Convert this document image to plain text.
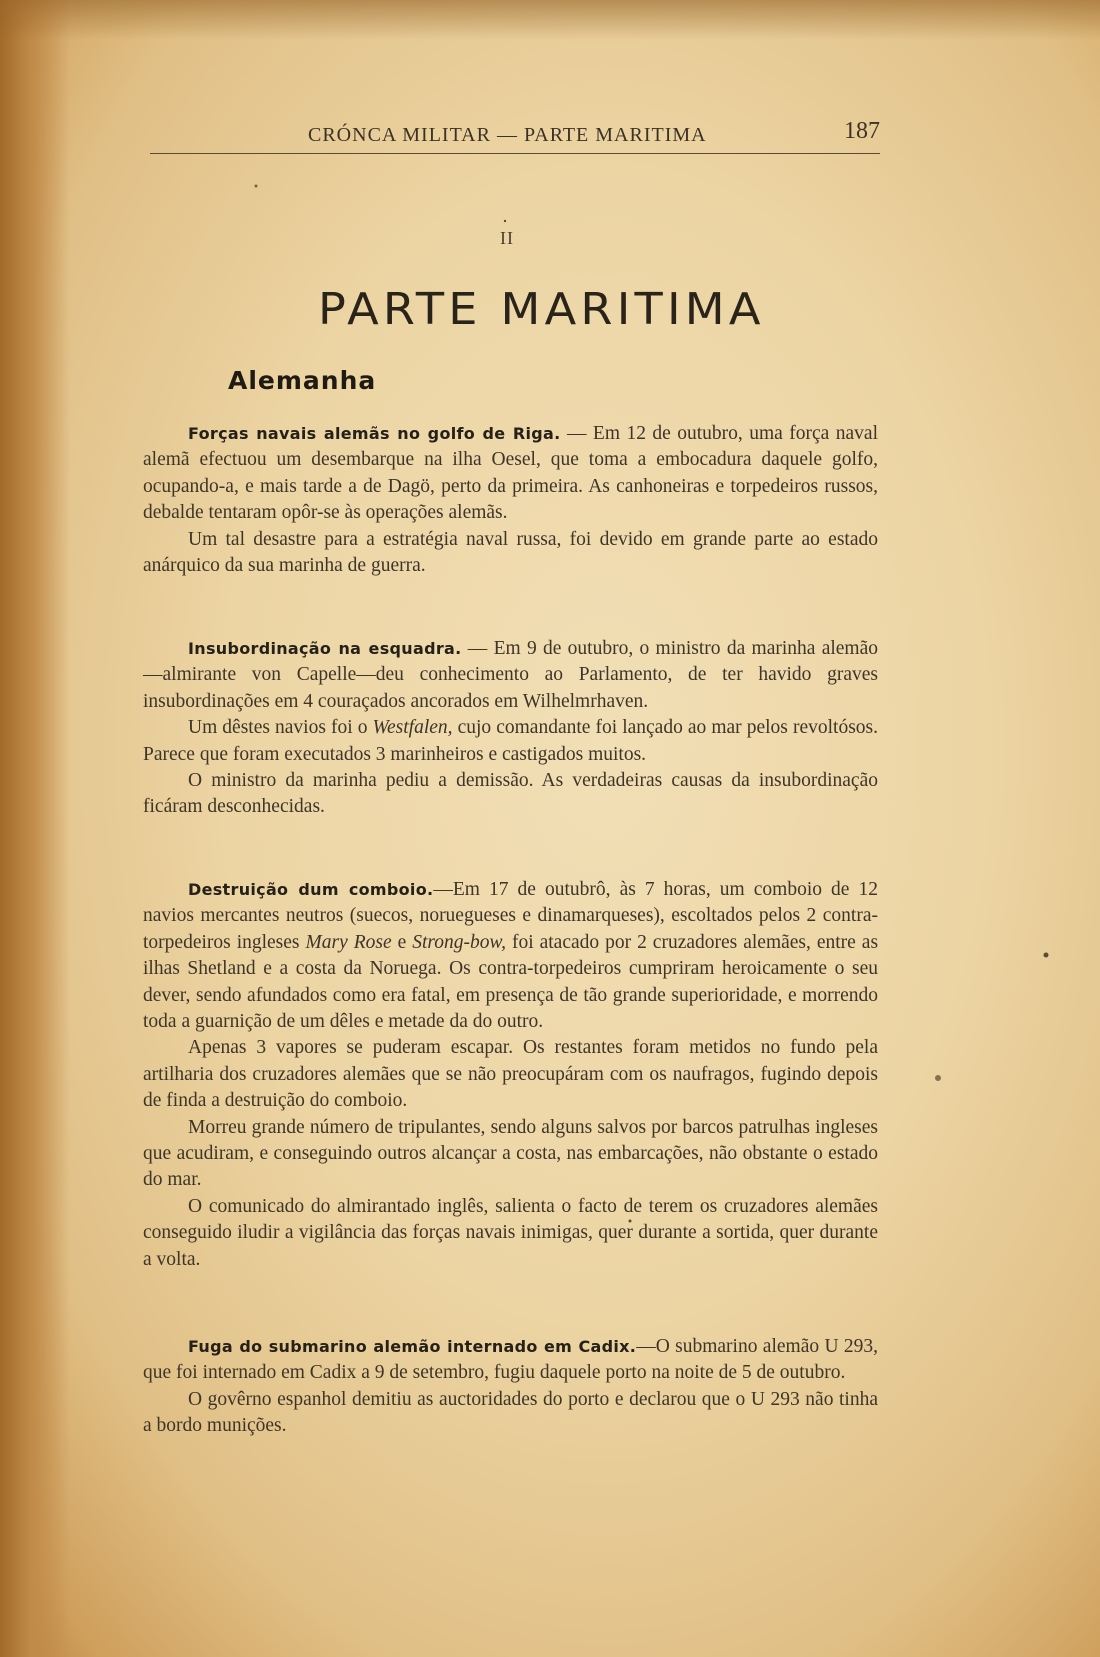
CRÓNCA MILITAR — PARTE MARITIMA	187
II
PARTE MARITIMA
Alemanha

Forças navais alemãs no golfo de Riga. — Em 12 de outubro, uma força naval alemã efectuou um desembarque na ilha Oesel, que toma a embocadura daquele golfo, ocupando-a, e mais tarde a de Dagö, perto da primeira. As canhoneiras e torpedeiros russos, debalde tentaram opôr-se às operações alemãs.

Um tal desastre para a estratégia naval russa, foi devido em grande parte ao estado anárquico da sua marinha de guerra.

Insubordinação na esquadra. — Em 9 de outubro, o ministro da marinha alemão—almirante von Capelle—deu conhecimento ao Parlamento, de ter havido graves insubordinações em 4 couraçados ancorados em Wilhelmrhaven.

Um dêstes navios foi o Westfalen, cujo comandante foi lançado ao mar pelos revoltósos. Parece que foram executados 3 marinheiros e castigados muitos.

O ministro da marinha pediu a demissão. As verdadeiras causas da insubordinação ficáram desconhecidas.

Destruição dum comboio.—Em 17 de outubrô, às 7 horas, um comboio de 12 navios mercantes neutros (suecos, noruegueses e dinamarqueses), escoltados pelos 2 contra-torpedeiros ingleses Mary Rose e Strong-bow, foi atacado por 2 cruzadores alemães, entre as ilhas Shetland e a costa da Noruega. Os contra-torpedeiros cumpriram heroicamente o seu dever, sendo afundados como era fatal, em presença de tão grande superioridade, e morrendo toda a guarnição de um dêles e metade da do outro.

Apenas 3 vapores se puderam escapar. Os restantes foram metidos no fundo pela artilharia dos cruzadores alemães que se não preocupáram com os naufragos, fugindo depois de finda a destruição do comboio.

Morreu grande número de tripulantes, sendo alguns salvos por barcos patrulhas ingleses que acudiram, e conseguindo outros alcançar a costa, nas embarcações, não obstante o estado do mar.

O comunicado do almirantado inglês, salienta o facto de terem os cruzadores alemães conseguido iludir a vigilância das forças navais inimigas, quer durante a sortida, quer durante a volta.

Fuga do submarino alemão internado em Cadix.—O submarino alemão U 293, que foi internado em Cadix a 9 de setembro, fugiu daquele porto na noite de 5 de outubro.

O govêrno espanhol demitiu as auctoridades do porto e declarou que o U 293 não tinha a bordo munições.
